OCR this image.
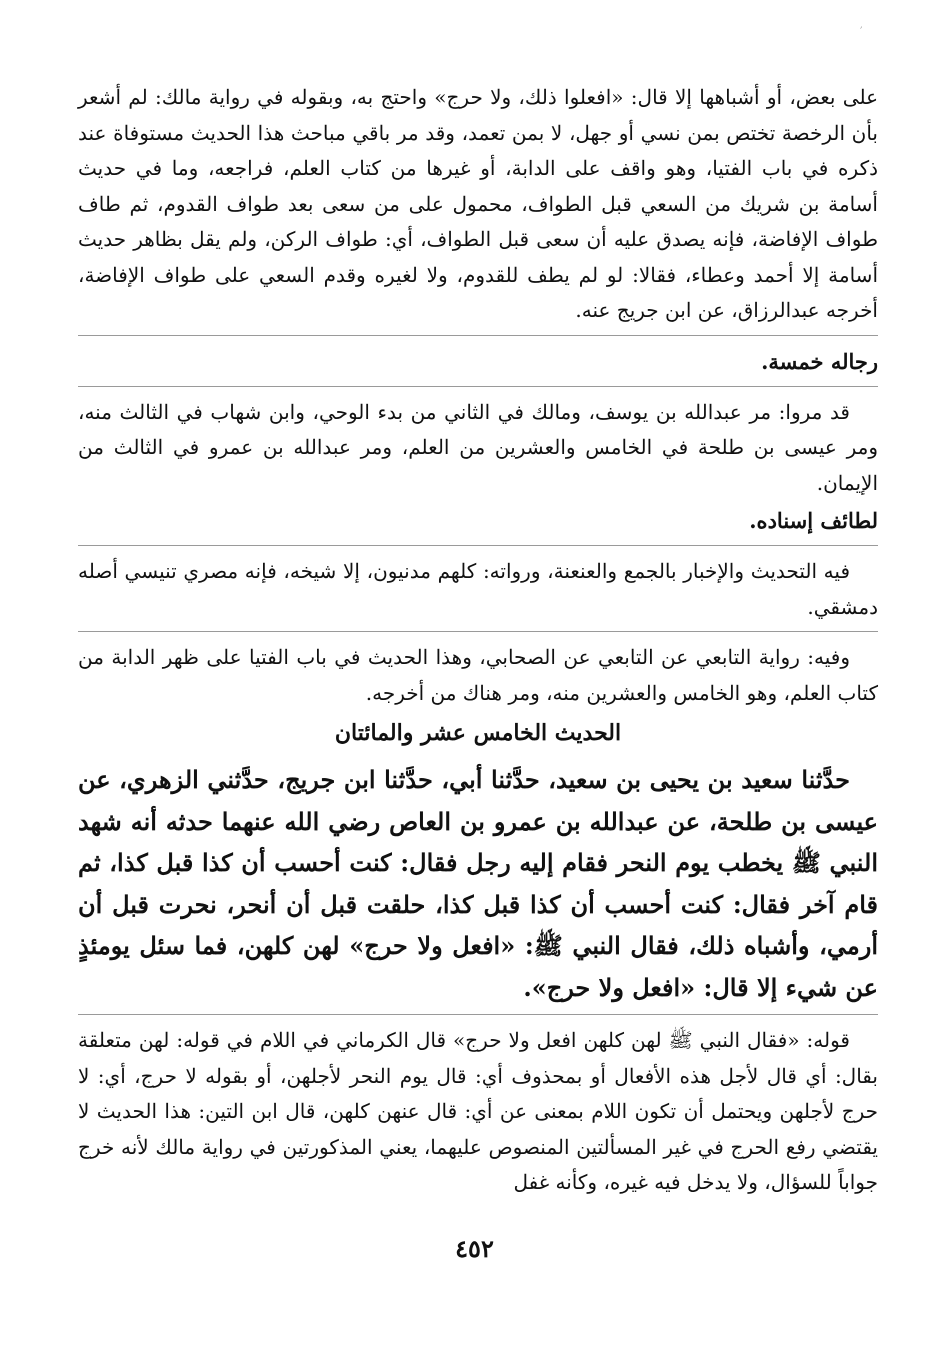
׳

على بعض، أو أشباهها إلا قال: «افعلوا ذلك، ولا حرج» واحتج به، وبقوله في رواية مالك: لم أشعر بأن الرخصة تختص بمن نسي أو جهل، لا بمن تعمد، وقد مر باقي مباحث هذا الحديث مستوفاة عند ذكره في باب الفتيا، وهو واقف على الدابة، أو غيرها من كتاب العلم، فراجعه، وما في حديث أسامة بن شريك من السعي قبل الطواف، محمول على من سعى بعد طواف القدوم، ثم طاف طواف الإفاضة، فإنه يصدق عليه أن سعى قبل الطواف، أي: طواف الركن، ولم يقل بظاهر حديث أسامة إلا أحمد وعطاء، فقالا: لو لم يطف للقدوم، ولا لغيره وقدم السعي على طواف الإفاضة، أخرجه عبدالرزاق، عن ابن جريج عنه.

رجاله خمسة.

قد مروا: مر عبدالله بن يوسف، ومالك في الثاني من بدء الوحي، وابن شهاب في الثالث منه، ومر عيسى بن طلحة في الخامس والعشرين من العلم، ومر عبدالله بن عمرو في الثالث من الإيمان.

لطائف إسناده.

فيه التحديث والإخبار بالجمع والعنعنة، ورواته: كلهم مدنيون، إلا شيخه، فإنه مصري تنيسي أصله دمشقي.

وفيه: رواية التابعي عن التابعي عن الصحابي، وهذا الحديث في باب الفتيا على ظهر الدابة من كتاب العلم، وهو الخامس والعشرين منه، ومر هناك من أخرجه.

الحديث الخامس عشر والمائتان

حدَّثنا سعيد بن يحيى بن سعيد، حدَّثنا أبي، حدَّثنا ابن جريج، حدَّثني الزهري، عن عيسى بن طلحة، عن عبدالله بن عمرو بن العاص رضي الله عنهما حدثه أنه شهد النبي ﷺ يخطب يوم النحر فقام إليه رجل فقال: كنت أحسب أن كذا قبل كذا، ثم قام آخر فقال: كنت أحسب أن كذا قبل كذا، حلقت قبل أن أنحر، نحرت قبل أن أرمي، وأشباه ذلك، فقال النبي ﷺ: «افعل ولا حرج» لهن كلهن، فما سئل يومئذٍ عن شيء إلا قال: «افعل ولا حرج».

قوله: «فقال النبي ﷺ لهن كلهن افعل ولا حرج» قال الكرماني في اللام في قوله: لهن متعلقة بقال: أي قال لأجل هذه الأفعال أو بمحذوف أي: قال يوم النحر لأجلهن، أو بقوله لا حرج، أي: لا حرج لأجلهن ويحتمل أن تكون اللام بمعنى عن أي: قال عنهن كلهن، قال ابن التين: هذا الحديث لا يقتضي رفع الحرج في غير المسألتين المنصوص عليهما، يعني المذكورتين في رواية مالك لأنه خرج جواباً للسؤال، ولا يدخل فيه غيره، وكأنه غفل

٤٥٢
